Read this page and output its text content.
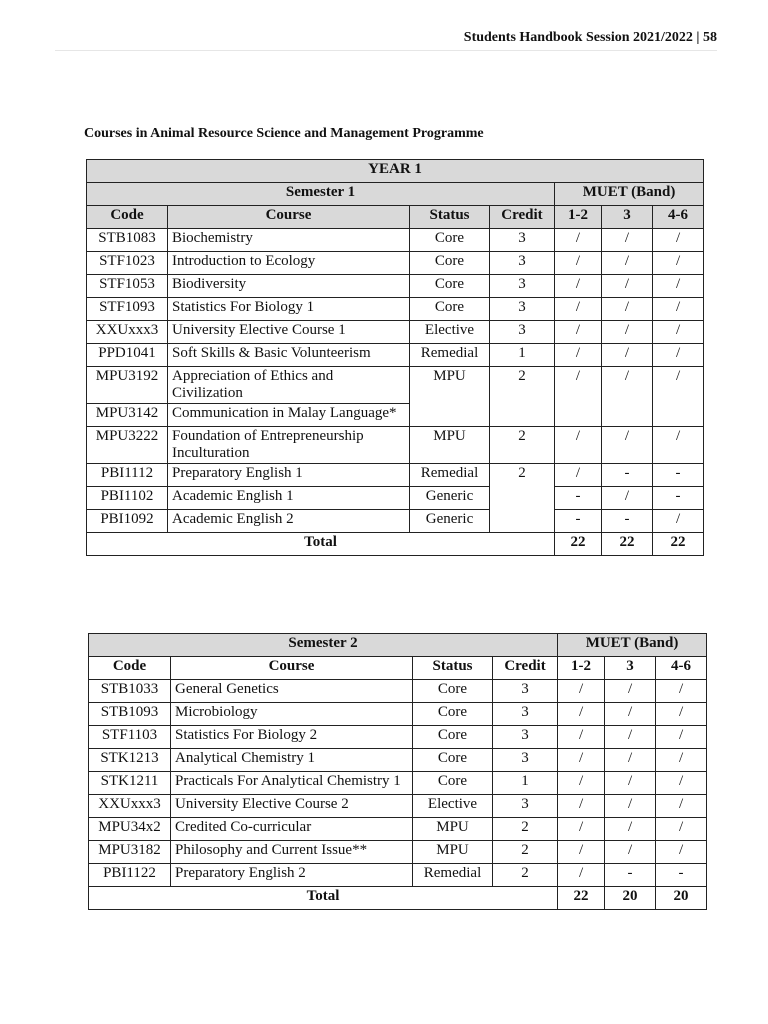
Students Handbook Session 2021/2022 | 58
Courses in Animal Resource Science and Management Programme
YEAR 1						
Semester 1				MUET (Band)		
Code	Course	Status	Credit	1-2	3	4-6
STB1083	Biochemistry	Core	3	/	/	/
STF1023	Introduction to Ecology	Core	3	/	/	/
STF1053	Biodiversity	Core	3	/	/	/
STF1093	Statistics For Biology 1	Core	3	/	/	/
XXUxxx3	University Elective Course 1	Elective	3	/	/	/
PPD1041	Soft Skills & Basic Volunteerism	Remedial	1	/	/	/
MPU3192	Appreciation of Ethics and Civilization	MPU	2	/	/	/
MPU3142	Communication in Malay Language*					
MPU3222	Foundation of Entrepreneurship Inculturation	MPU	2	/	/	/
PBI1112	Preparatory English 1	Remedial	2	/	-	-
PBI1102	Academic English 1	Generic		-	/	-
PBI1092	Academic English 2	Generic		-	-	/
Total				22	22	22
Semester 2				MUET (Band)		
Code	Course	Status	Credit	1-2	3	4-6
STB1033	General Genetics	Core	3	/	/	/
STB1093	Microbiology	Core	3	/	/	/
STF1103	Statistics For Biology 2	Core	3	/	/	/
STK1213	Analytical Chemistry 1	Core	3	/	/	/
STK1211	Practicals For Analytical Chemistry 1	Core	1	/	/	/
XXUxxx3	University Elective Course 2	Elective	3	/	/	/
MPU34x2	Credited Co-curricular	MPU	2	/	/	/
MPU3182	Philosophy and Current Issue**	MPU	2	/	/	/
PBI1122	Preparatory English 2	Remedial	2	/	-	-
Total				22	20	20
